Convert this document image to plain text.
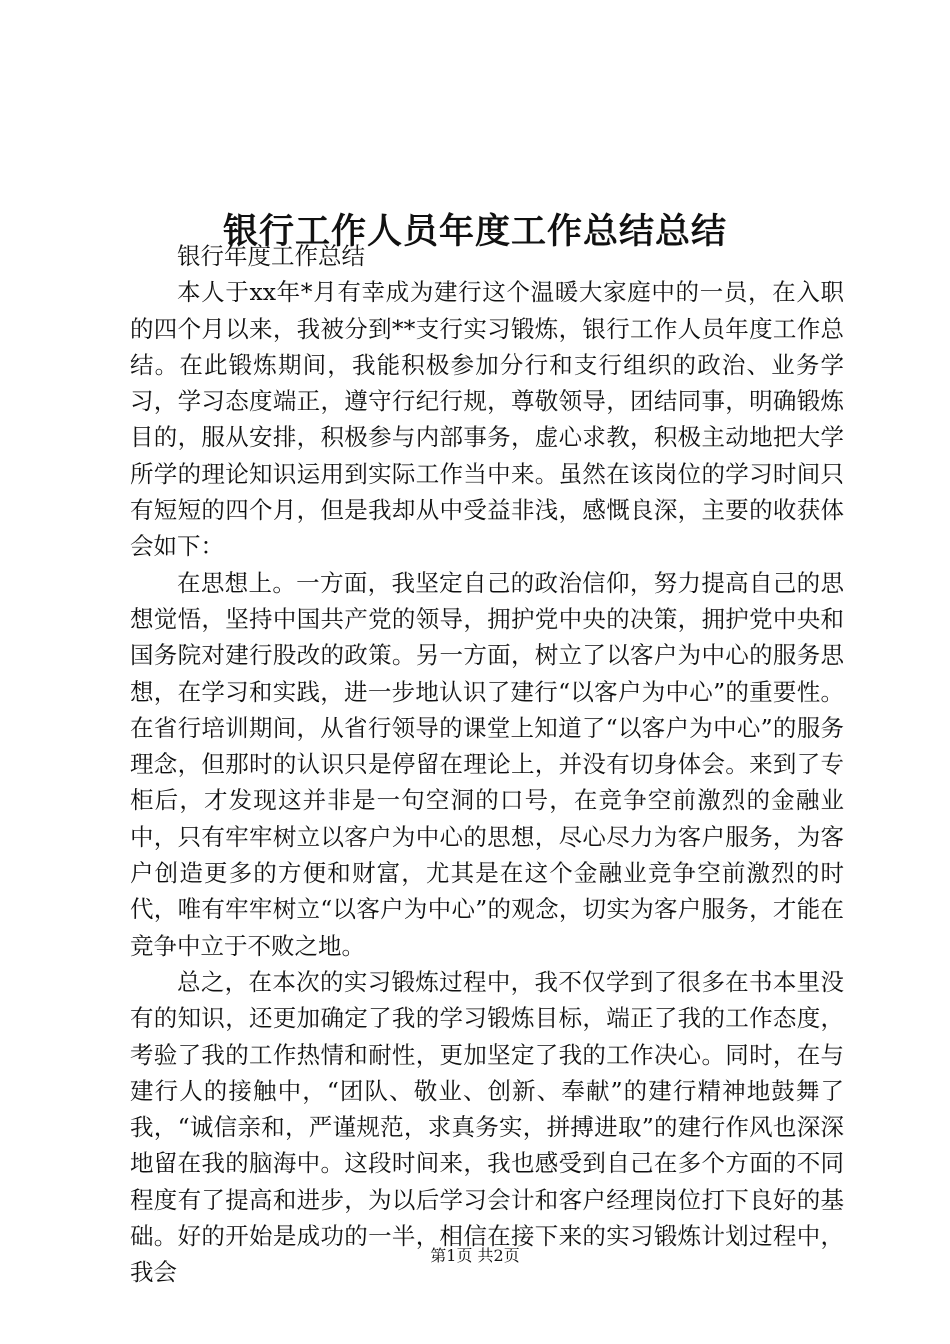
银行工作人员年度工作总结总结

银行年度工作总结

本人于xx年*月有幸成为建行这个温暖大家庭中的一员，在入职的四个月以来，我被分到**支行实习锻炼，银行工作人员年度工作总结。在此锻炼期间，我能积极参加分行和支行组织的政治、业务学习，学习态度端正，遵守行纪行规，尊敬领导，团结同事，明确锻炼目的，服从安排，积极参与内部事务，虚心求教，积极主动地把大学所学的理论知识运用到实际工作当中来。虽然在该岗位的学习时间只有短短的四个月，但是我却从中受益非浅，感慨良深，主要的收获体会如下：

在思想上。一方面，我坚定自己的政治信仰，努力提高自己的思想觉悟，坚持中国共产党的领导，拥护党中央的决策，拥护党中央和国务院对建行股改的政策。另一方面，树立了以客户为中心的服务思想，在学习和实践，进一步地认识了建行“以客户为中心”的重要性。在省行培训期间，从省行领导的课堂上知道了“以客户为中心”的服务理念，但那时的认识只是停留在理论上，并没有切身体会。来到了专柜后，才发现这并非是一句空洞的口号，在竞争空前激烈的金融业中，只有牢牢树立以客户为中心的思想，尽心尽力为客户服务，为客户创造更多的方便和财富，尤其是在这个金融业竞争空前激烈的时代，唯有牢牢树立“以客户为中心”的观念，切实为客户服务，才能在竞争中立于不败之地。

总之，在本次的实习锻炼过程中，我不仅学到了很多在书本里没有的知识，还更加确定了我的学习锻炼目标，端正了我的工作态度，考验了我的工作热情和耐性，更加坚定了我的工作决心。同时，在与建行人的接触中，“团队、敬业、创新、奉献”的建行精神地鼓舞了我，“诚信亲和，严谨规范，求真务实，拼搏进取”的建行作风也深深地留在我的脑海中。这段时间来，我也感受到自己在多个方面的不同程度有了提高和进步，为以后学习会计和客户经理岗位打下良好的基础。好的开始是成功的一半，相信在接下来的实习锻炼计划过程中，我会

第1页 共2页
